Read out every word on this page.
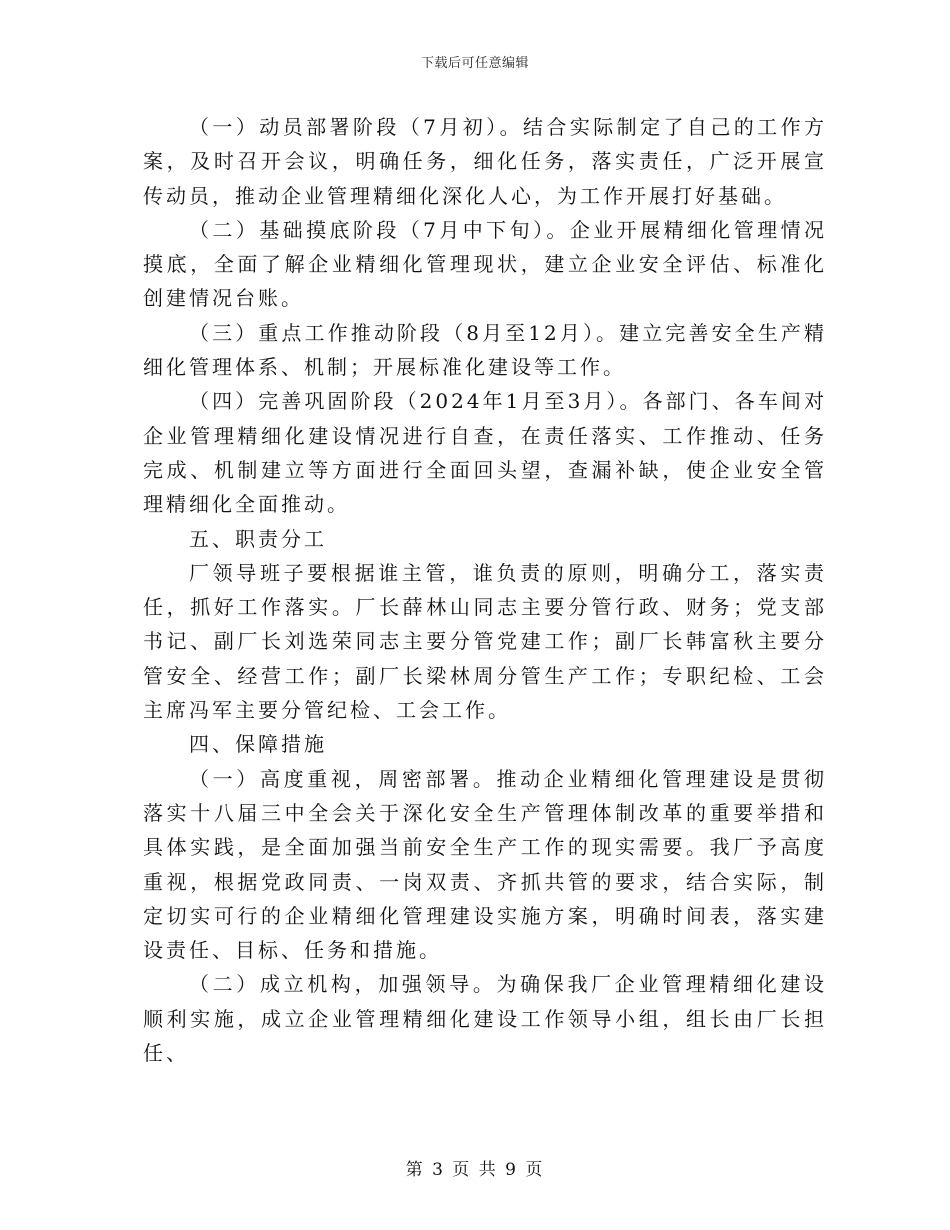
下载后可任意编辑

（一）动员部署阶段（7月初）。结合实际制定了自己的工作方案，及时召开会议，明确任务，细化任务，落实责任，广泛开展宣传动员，推动企业管理精细化深化人心，为工作开展打好基础。

（二）基础摸底阶段（7月中下旬）。企业开展精细化管理情况摸底，全面了解企业精细化管理现状，建立企业安全评估、标准化创建情况台账。

（三）重点工作推动阶段（8月至12月）。建立完善安全生产精细化管理体系、机制；开展标准化建设等工作。

（四）完善巩固阶段（2024年1月至3月）。各部门、各车间对企业管理精细化建设情况进行自查，在责任落实、工作推动、任务完成、机制建立等方面进行全面回头望，查漏补缺，使企业安全管理精细化全面推动。

五、职责分工

厂领导班子要根据谁主管，谁负责的原则，明确分工，落实责任，抓好工作落实。厂长薛林山同志主要分管行政、财务；党支部书记、副厂长刘选荣同志主要分管党建工作；副厂长韩富秋主要分管安全、经营工作；副厂长梁林周分管生产工作；专职纪检、工会主席冯军主要分管纪检、工会工作。

四、保障措施

（一）高度重视，周密部署。推动企业精细化管理建设是贯彻落实十八届三中全会关于深化安全生产管理体制改革的重要举措和具体实践，是全面加强当前安全生产工作的现实需要。我厂予高度重视，根据党政同责、一岗双责、齐抓共管的要求，结合实际，制定切实可行的企业精细化管理建设实施方案，明确时间表，落实建设责任、目标、任务和措施。

（二）成立机构，加强领导。为确保我厂企业管理精细化建设顺利实施，成立企业管理精细化建设工作领导小组，组长由厂长担任、

第 3 页 共 9 页
